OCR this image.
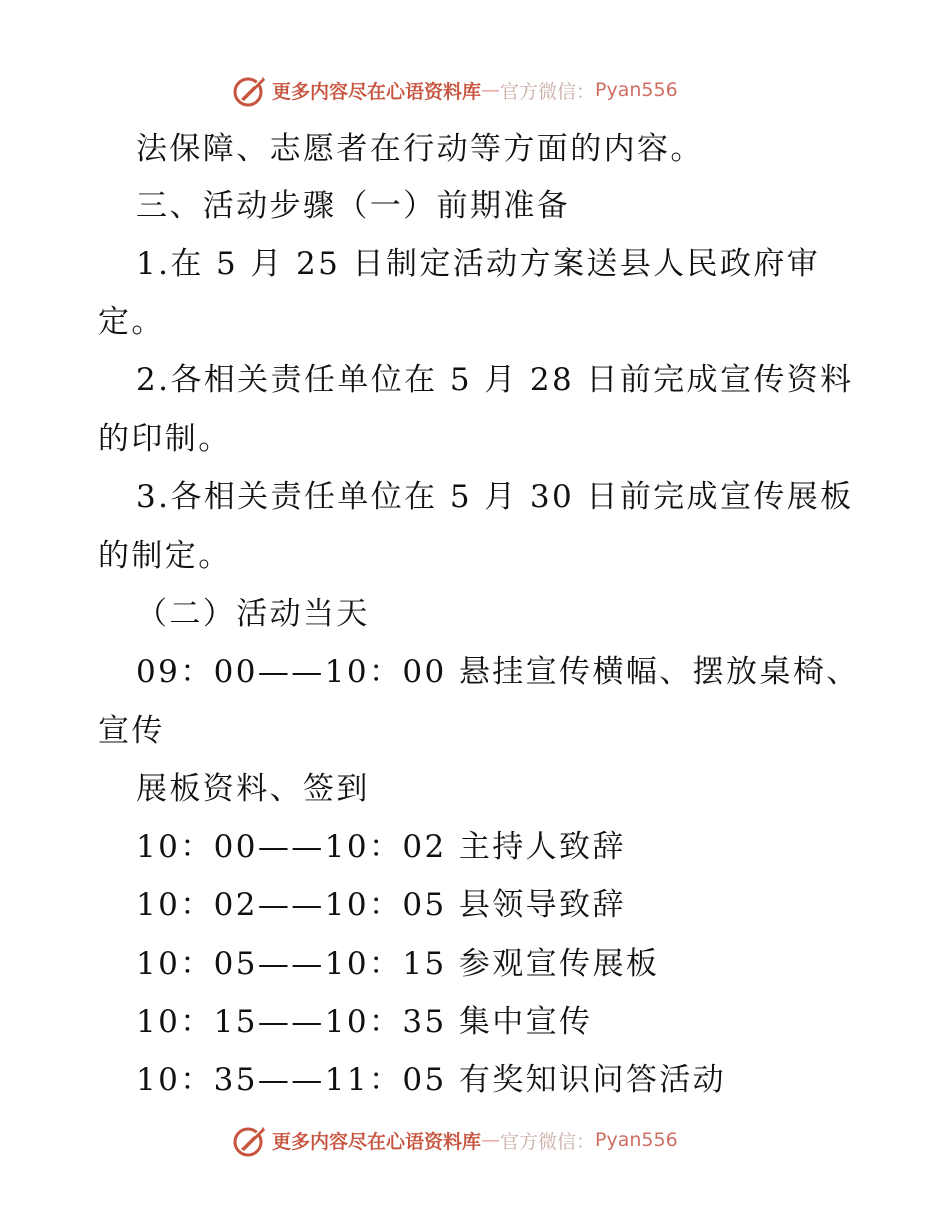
更多内容尽在心语资料库 — 官方微信： Pyan556
法保障、志愿者在行动等方面的内容。
三、活动步骤（一）前期准备
1.在 5 月 25 日制定活动方案送县人民政府审
定。
2.各相关责任单位在 5 月 28 日前完成宣传资料
的印制。
3.各相关责任单位在 5 月 30 日前完成宣传展板
的制定。
（二）活动当天
09：00——10：00 悬挂宣传横幅、摆放桌椅、
宣传
展板资料、签到
10：00——10：02 主持人致辞
10：02——10：05 县领导致辞
10：05——10：15 参观宣传展板
10：15——10：35 集中宣传
10：35——11：05 有奖知识问答活动
更多内容尽在心语资料库 — 官方微信： Pyan556
